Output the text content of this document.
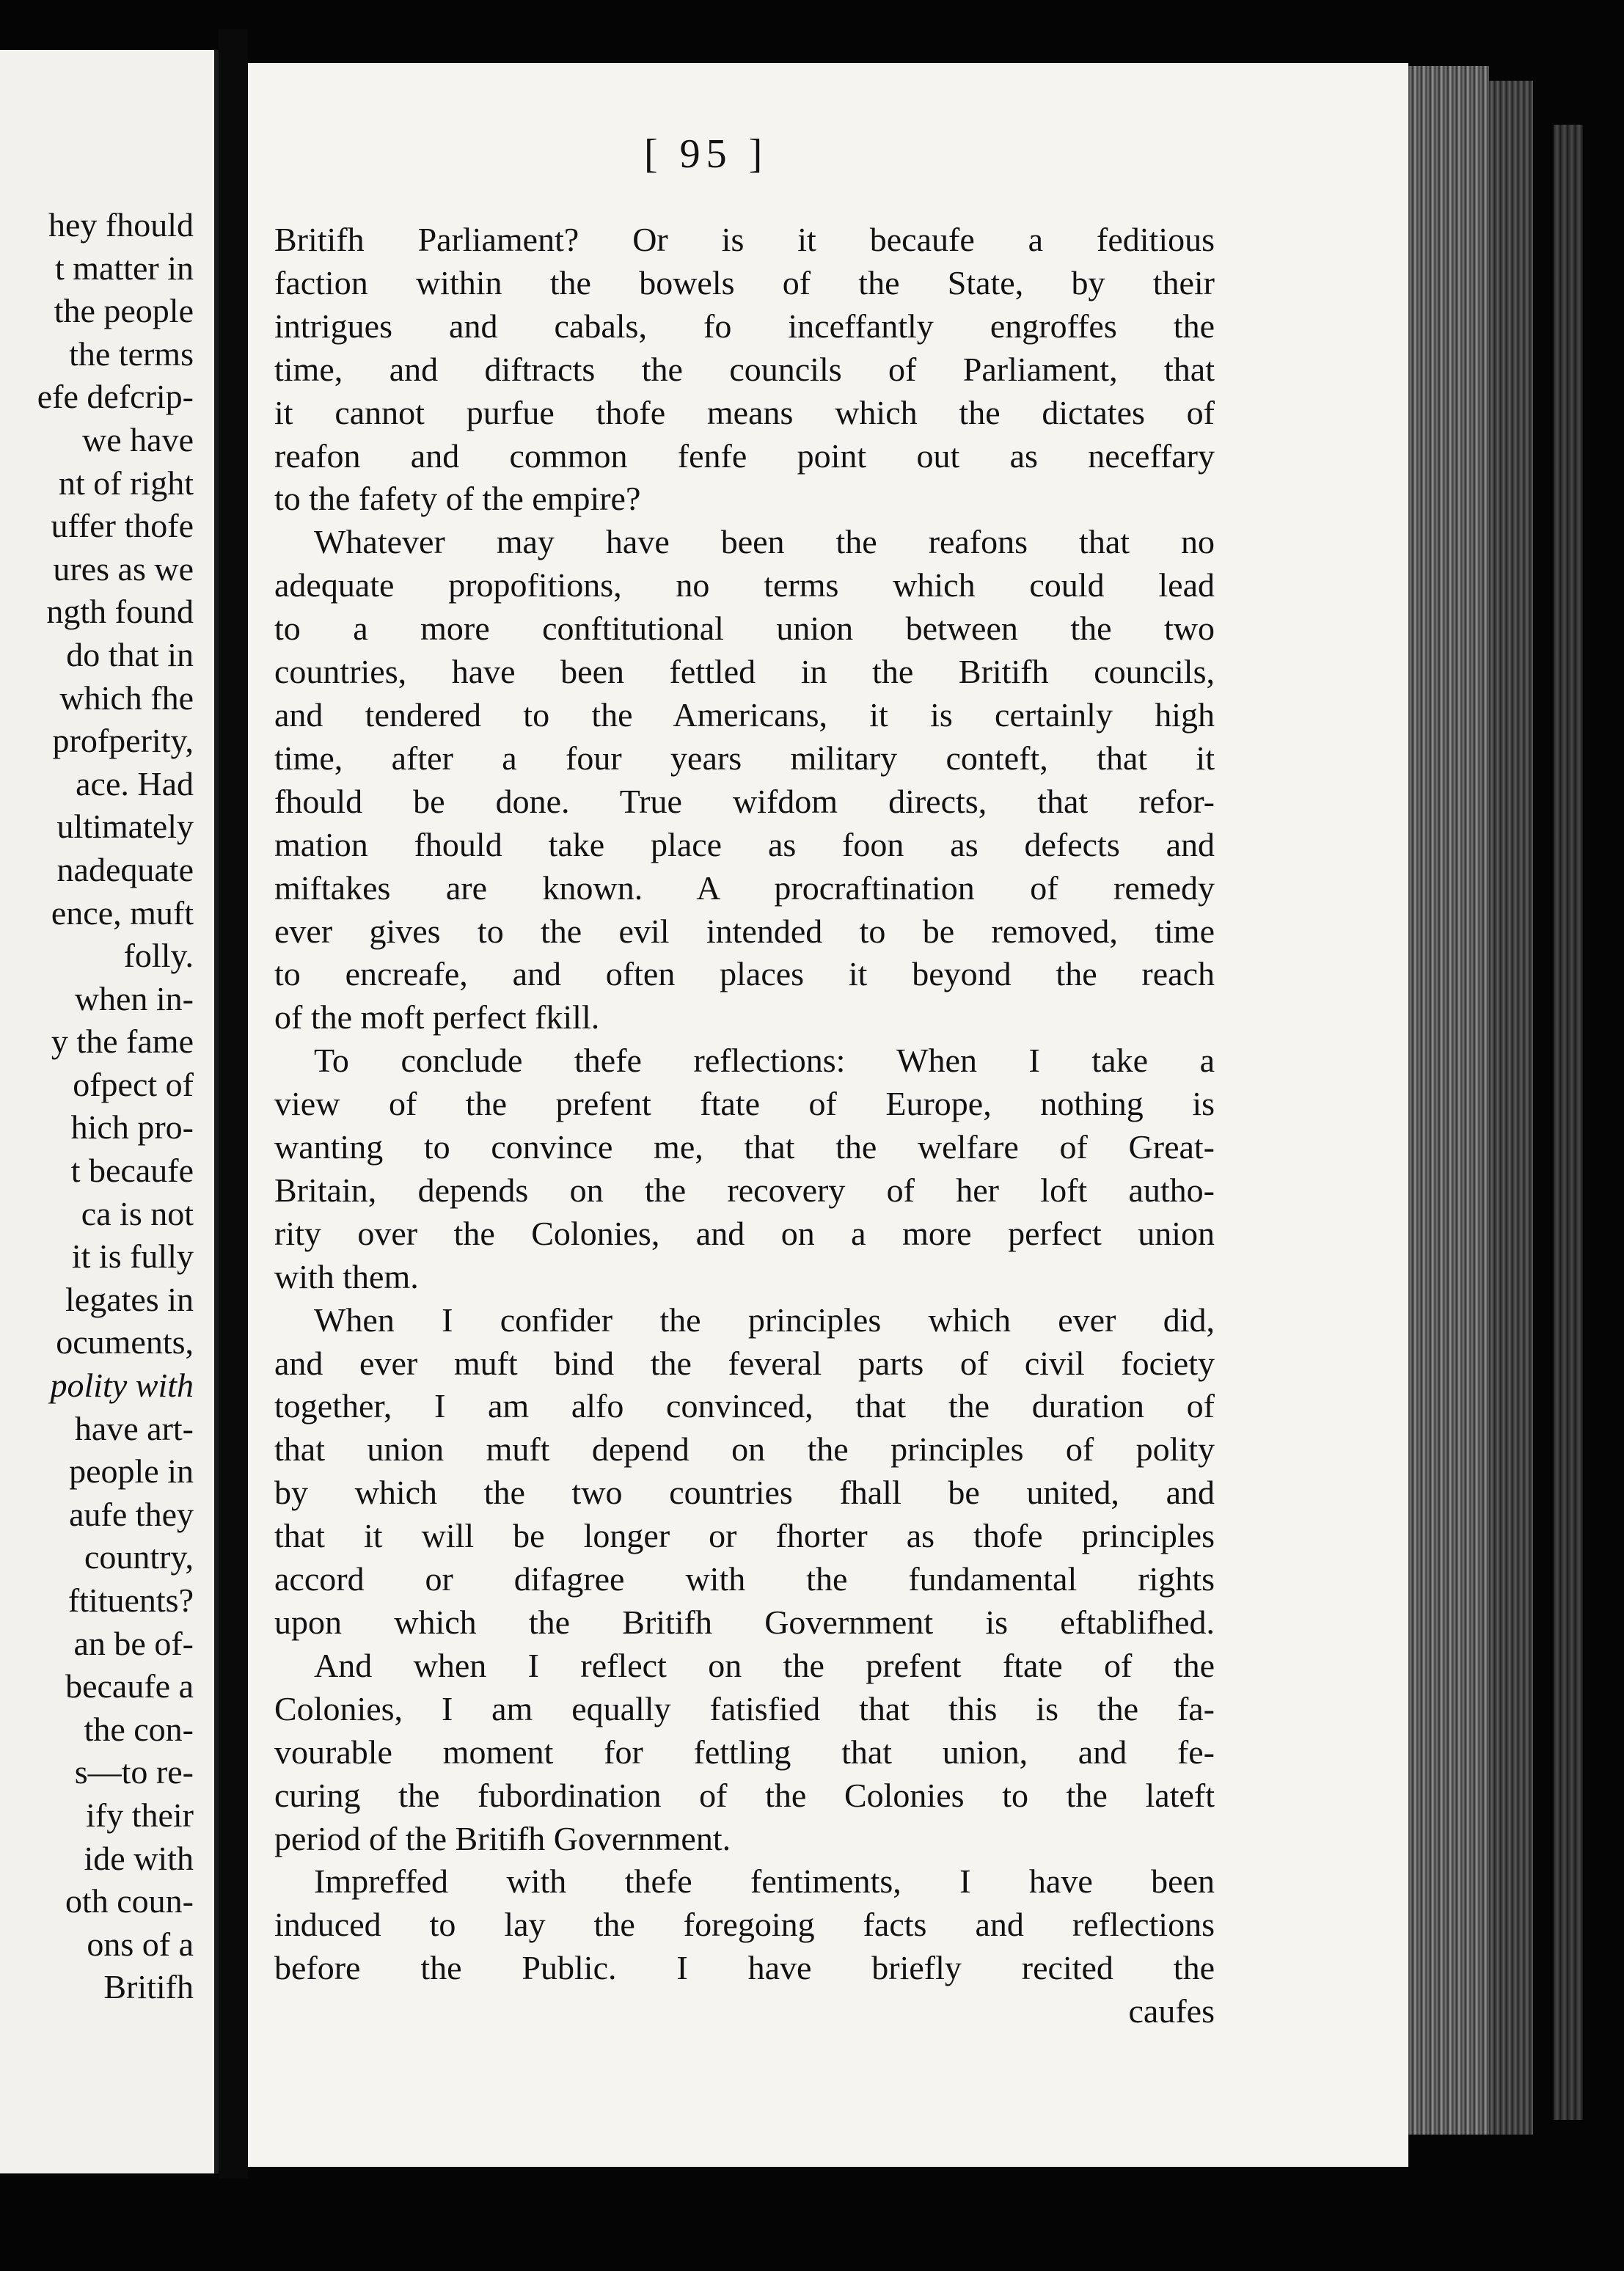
hey fhould
t matter in
the people
the terms
efe defcrip-
we have
nt of right
uffer thofe
ures as we
ngth found
do that in
which fhe
profperity,
ace. Had
ultimately
nadequate
ence, muft
folly.
when in-
y the fame
ofpect of
hich pro-
t becaufe
ca is not
it is fully
legates in
ocuments,
polity with
have art-
people in
aufe they
country,
ftituents?
an be of-
becaufe a
the con-
s—to re-
ify their
ide with
oth coun-
ons of a
Britifh
[ 95 ]
Britifh Parliament? Or is it becaufe a feditious
faction within the bowels of the State, by their
intrigues and cabals, fo inceffantly engroffes the
time, and diftracts the councils of Parliament, that
it cannot purfue thofe means which the dictates of
reafon and common fenfe point out as neceffary
to the fafety of the empire?
Whatever may have been the reafons that no
adequate propofitions, no terms which could lead
to a more conftitutional union between the two
countries, have been fettled in the Britifh councils,
and tendered to the Americans, it is certainly high
time, after a four years military conteft, that it
fhould be done. True wifdom directs, that refor-
mation fhould take place as foon as defects and
miftakes are known. A procraftination of remedy
ever gives to the evil intended to be removed, time
to encreafe, and often places it beyond the reach
of the moft perfect fkill.
To conclude thefe reflections: When I take a
view of the prefent ftate of Europe, nothing is
wanting to convince me, that the welfare of Great-
Britain, depends on the recovery of her loft autho-
rity over the Colonies, and on a more perfect union
with them.
When I confider the principles which ever did,
and ever muft bind the feveral parts of civil fociety
together, I am alfo convinced, that the duration of
that union muft depend on the principles of polity
by which the two countries fhall be united, and
that it will be longer or fhorter as thofe principles
accord or difagree with the fundamental rights
upon which the Britifh Government is eftablifhed.
And when I reflect on the prefent ftate of the
Colonies, I am equally fatisfied that this is the fa-
vourable moment for fettling that union, and fe-
curing the fubordination of the Colonies to the lateft
period of the Britifh Government.
Impreffed with thefe fentiments, I have been
induced to lay the foregoing facts and reflections
before the Public. I have briefly recited the
caufes
